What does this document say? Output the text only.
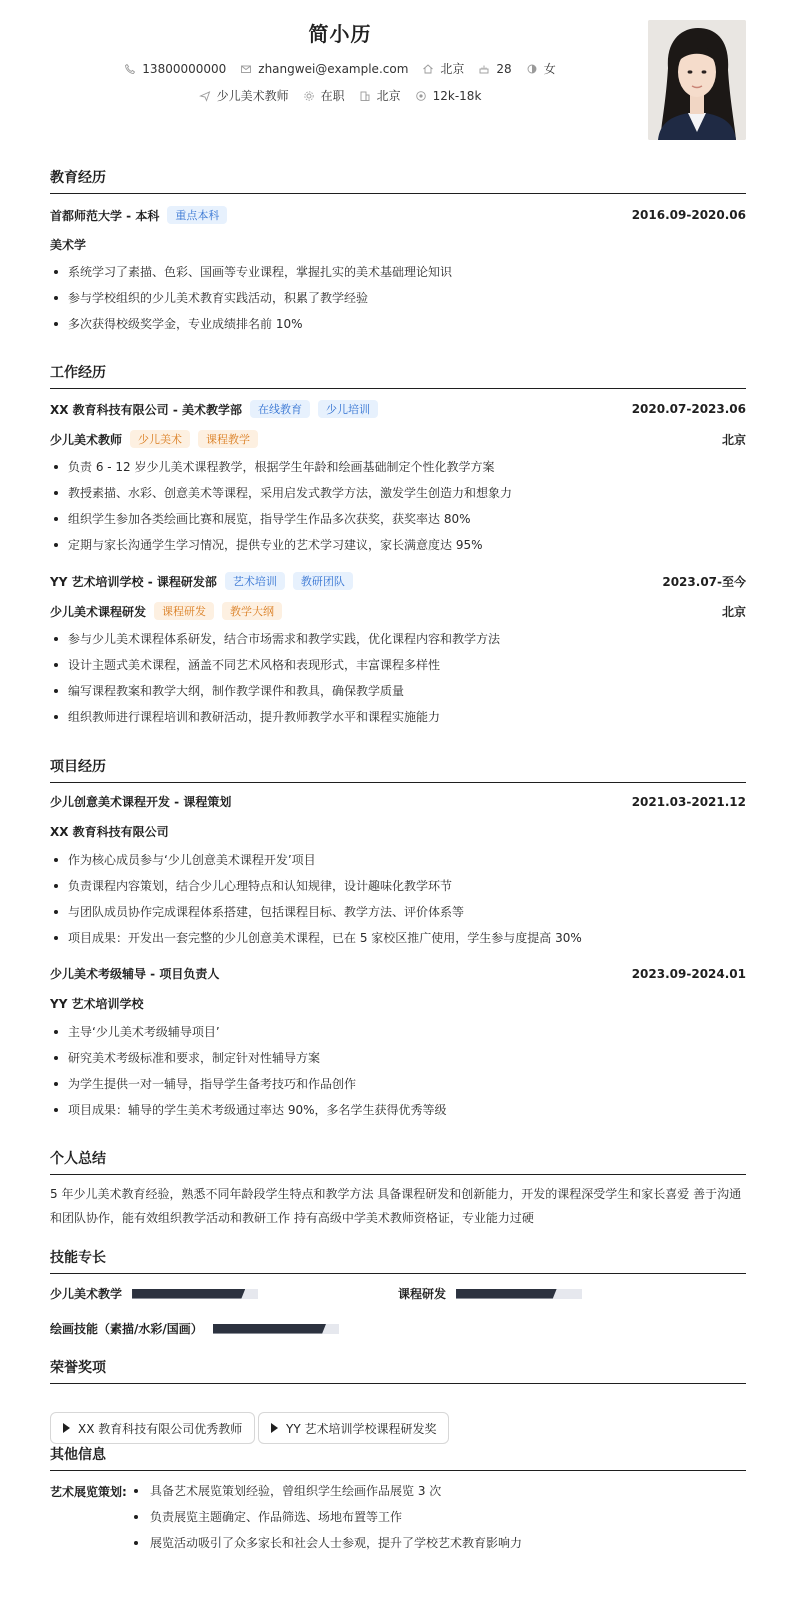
简小历
13800000000	zhangwei@example.com	北京	28	女
少儿美术教师	在职	北京	12k-18k
教育经历
首都师范大学 - 本科	重点本科	2016.09-2020.06
美术学
系统学习了素描、色彩、国画等专业课程，掌握扎实的美术基础理论知识
参与学校组织的少儿美术教育实践活动，积累了教学经验
多次获得校级奖学金，专业成绩排名前 10%
工作经历
XX 教育科技有限公司 - 美术教学部	在线教育	少儿培训	2020.07-2023.06
少儿美术教师	少儿美术	课程教学	北京
负责 6 - 12 岁少儿美术课程教学，根据学生年龄和绘画基础制定个性化教学方案
教授素描、水彩、创意美术等课程，采用启发式教学方法，激发学生创造力和想象力
组织学生参加各类绘画比赛和展览，指导学生作品多次获奖，获奖率达 80%
定期与家长沟通学生学习情况，提供专业的艺术学习建议，家长满意度达 95%
YY 艺术培训学校 - 课程研发部	艺术培训	教研团队	2023.07-至今
少儿美术课程研发	课程研发	教学大纲	北京
参与少儿美术课程体系研发，结合市场需求和教学实践，优化课程内容和教学方法
设计主题式美术课程，涵盖不同艺术风格和表现形式，丰富课程多样性
编写课程教案和教学大纲，制作教学课件和教具，确保教学质量
组织教师进行课程培训和教研活动，提升教师教学水平和课程实施能力
项目经历
少儿创意美术课程开发 - 课程策划	2021.03-2021.12
XX 教育科技有限公司
作为核心成员参与‘少儿创意美术课程开发’项目
负责课程内容策划，结合少儿心理特点和认知规律，设计趣味化教学环节
与团队成员协作完成课程体系搭建，包括课程目标、教学方法、评价体系等
项目成果：开发出一套完整的少儿创意美术课程，已在 5 家校区推广使用，学生参与度提高 30%
少儿美术考级辅导 - 项目负责人	2023.09-2024.01
YY 艺术培训学校
主导‘少儿美术考级辅导项目’
研究美术考级标准和要求，制定针对性辅导方案
为学生提供一对一辅导，指导学生备考技巧和作品创作
项目成果：辅导的学生美术考级通过率达 90%，多名学生获得优秀等级
个人总结
5 年少儿美术教育经验，熟悉不同年龄段学生特点和教学方法 具备课程研发和创新能力，开发的课程深受学生和家长喜爱 善于沟通
和团队协作，能有效组织教学活动和教研工作 持有高级中学美术教师资格证，专业能力过硬
技能专长
少儿美术教学	课程研发
绘画技能（素描/水彩/国画）
荣誉奖项
XX 教育科技有限公司优秀教师	YY 艺术培训学校课程研发奖
其他信息
艺术展览策划:	具备艺术展览策划经验，曾组织学生绘画作品展览 3 次
负责展览主题确定、作品筛选、场地布置等工作
展览活动吸引了众多家长和社会人士参观，提升了学校艺术教育影响力
